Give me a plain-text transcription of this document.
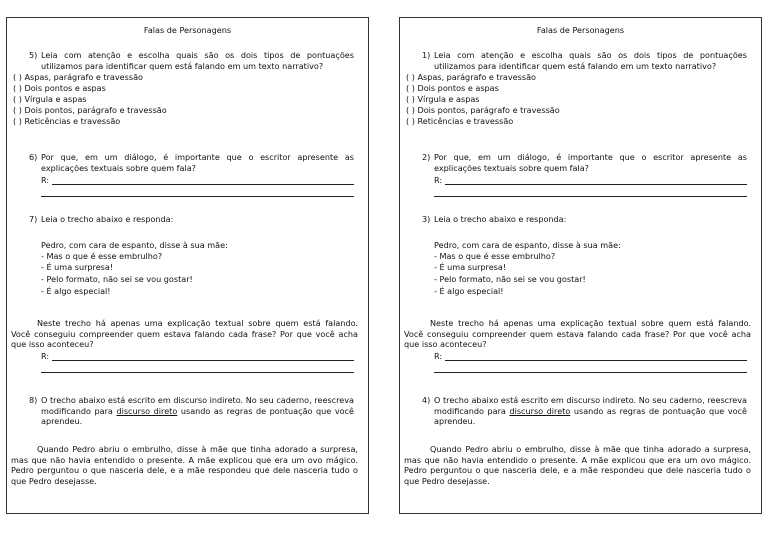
Falas de Personagens
5) Leia com atenção e escolha quais são os dois tipos de pontuações utilizamos para identificar quem está falando em um texto narrativo?
( ) Aspas, parágrafo e travessão
( ) Dois pontos e aspas
( ) Vírgula e aspas
( ) Dois pontos, parágrafo e travessão
( ) Reticências e travessão
6) Por que, em um diálogo, é importante que o escritor apresente as explicações textuais sobre quem fala?
R:
7) Leia o trecho abaixo e responda:
Pedro, com cara de espanto, disse à sua mãe:
- Mas o que é esse embrulho?
- É uma surpresa!
- Pelo formato, não sei se vou gostar!
- É algo especial!
Neste trecho há apenas uma explicação textual sobre quem está falando. Você conseguiu compreender quem estava falando cada frase? Por que você acha que isso aconteceu?
R:
8) O trecho abaixo está escrito em discurso indireto. No seu caderno, reescreva modificando para discurso direto usando as regras de pontuação que você aprendeu.
Quando Pedro abriu o embrulho, disse à mãe que tinha adorado a surpresa, mas que não havia entendido o presente. A mãe explicou que era um ovo mágico. Pedro perguntou o que nasceria dele, e a mãe respondeu que dele nasceria tudo o que Pedro desejasse.
Falas de Personagens
1) Leia com atenção e escolha quais são os dois tipos de pontuações utilizamos para identificar quem está falando em um texto narrativo?
( ) Aspas, parágrafo e travessão
( ) Dois pontos e aspas
( ) Vírgula e aspas
( ) Dois pontos, parágrafo e travessão
( ) Reticências e travessão
2) Por que, em um diálogo, é importante que o escritor apresente as explicações textuais sobre quem fala?
R:
3) Leia o trecho abaixo e responda:
Pedro, com cara de espanto, disse à sua mãe:
- Mas o que é esse embrulho?
- É uma surpresa!
- Pelo formato, não sei se vou gostar!
- É algo especial!
Neste trecho há apenas uma explicação textual sobre quem está falando. Você conseguiu compreender quem estava falando cada frase? Por que você acha que isso aconteceu?
R:
4) O trecho abaixo está escrito em discurso indireto. No seu caderno, reescreva modificando para discurso direto usando as regras de pontuação que você aprendeu.
Quando Pedro abriu o embrulho, disse à mãe que tinha adorado a surpresa, mas que não havia entendido o presente. A mãe explicou que era um ovo mágico. Pedro perguntou o que nasceria dele, e a mãe respondeu que dele nasceria tudo o que Pedro desejasse.
